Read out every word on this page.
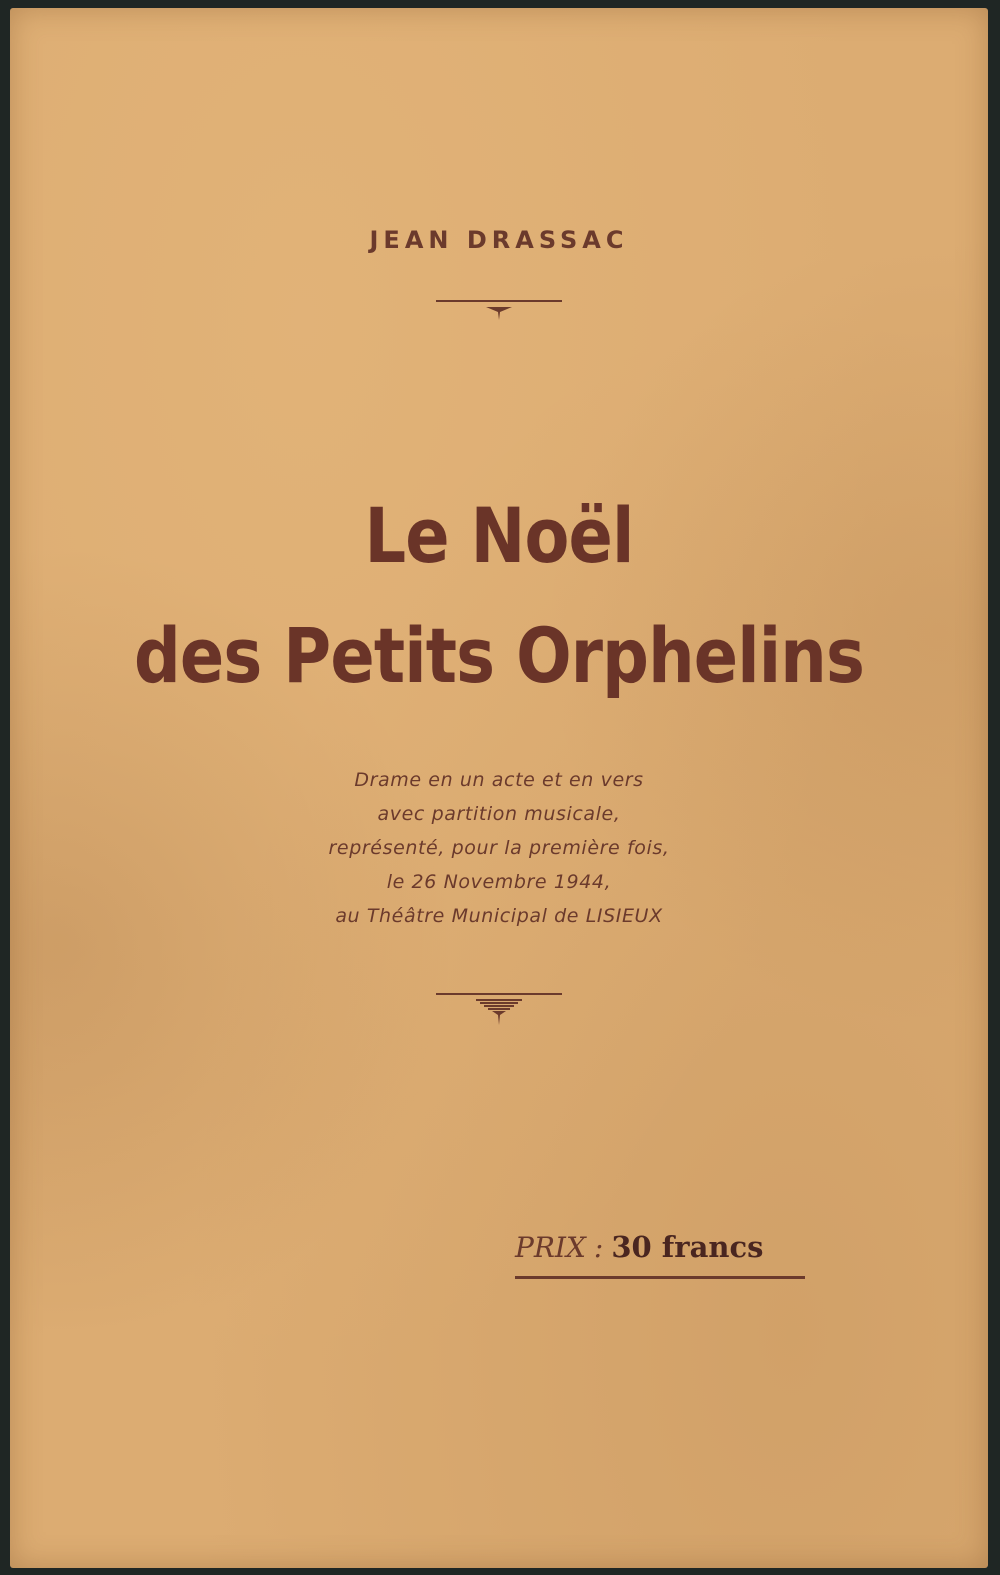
JEAN DRASSAC
Le Noël
des Petits Orphelins
Drame en un acte et en vers
avec partition musicale,
représenté, pour la première fois,
le 26 Novembre 1944,
au Théâtre Municipal de LISIEUX
PRIX : 30 francs
